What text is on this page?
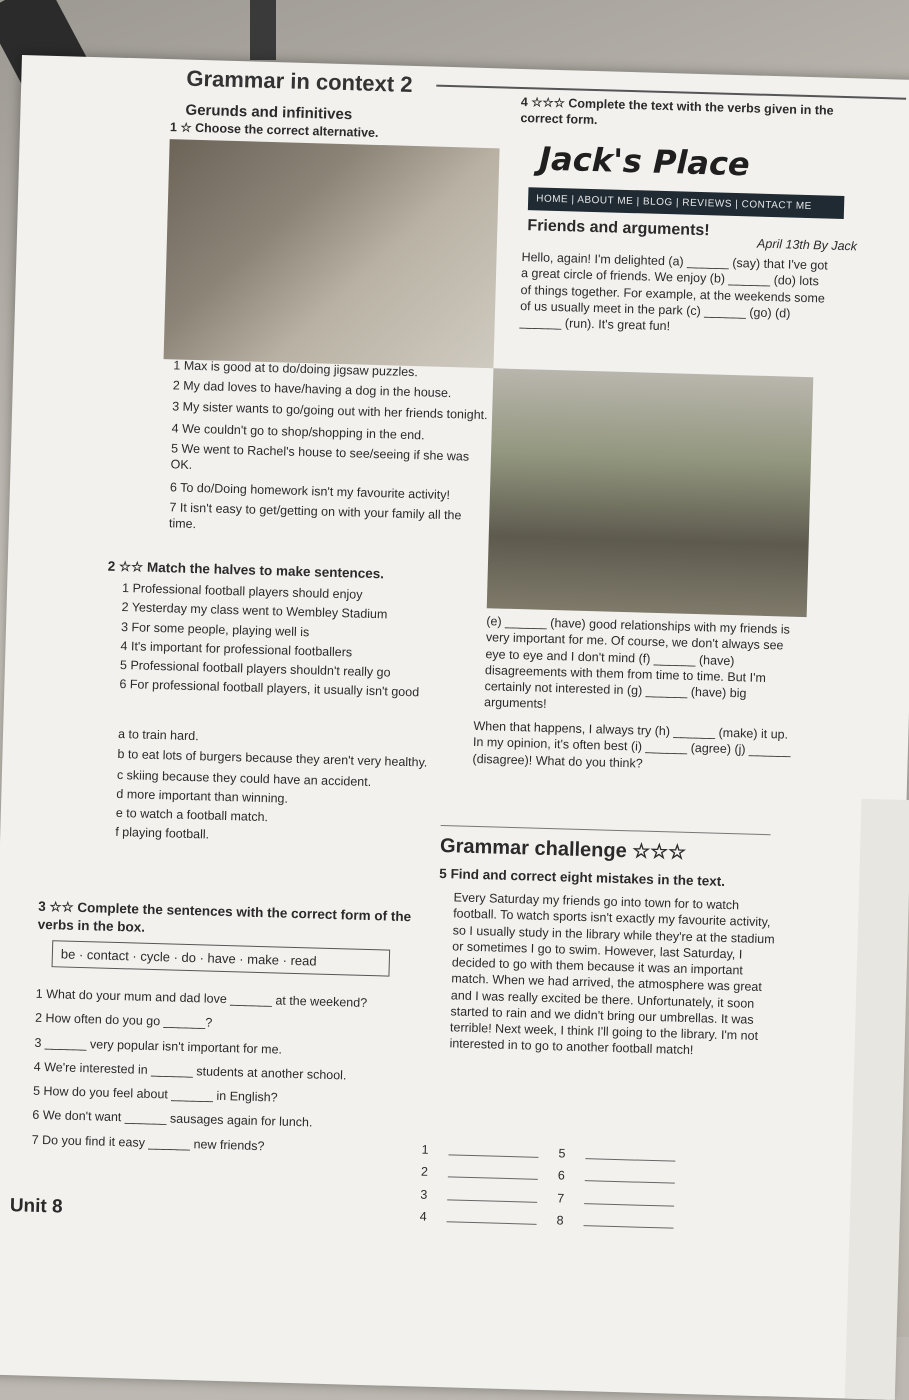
Grammar in context 2
Gerunds and infinitives
1 ☆ Choose the correct alternative.
1 Max is good at to do/doing jigsaw puzzles.
2 My dad loves to have/having a dog in the house.
3 My sister wants to go/going out with her friends tonight.
4 We couldn't go to shop/shopping in the end.
5 We went to Rachel's house to see/seeing if she was OK.
6 To do/Doing homework isn't my favourite activity!
7 It isn't easy to get/getting on with your family all the time.
2 ☆☆ Match the halves to make sentences.
1 Professional football players should enjoy
2 Yesterday my class went to Wembley Stadium
3 For some people, playing well is
4 It's important for professional footballers
5 Professional football players shouldn't really go
6 For professional football players, it usually isn't good
a to train hard.
b to eat lots of burgers because they aren't very healthy.
c skiing because they could have an accident.
d more important than winning.
e to watch a football match.
f playing football.
3 ☆☆ Complete the sentences with the correct form of the verbs in the box.
be · contact · cycle · do · have · make · read
1 What do your mum and dad love ______ at the weekend?
2 How often do you go ______?
3 ______ very popular isn't important for me.
4 We're interested in ______ students at another school.
5 How do you feel about ______ in English?
6 We don't want ______ sausages again for lunch.
7 Do you find it easy ______ new friends?
Unit 8
4 ☆☆☆ Complete the text with the verbs given in the correct form.
Jack's Place
HOME | ABOUT ME | BLOG | REVIEWS | CONTACT ME
Friends and arguments!
April 13th By Jack
Hello, again! I'm delighted (a) ______ (say) that I've got a great circle of friends. We enjoy (b) ______ (do) lots of things together. For example, at the weekends some of us usually meet in the park (c) ______ (go) (d) ______ (run). It's great fun!
(e) ______ (have) good relationships with my friends is very important for me. Of course, we don't always see eye to eye and I don't mind (f) ______ (have) disagreements with them from time to time. But I'm certainly not interested in (g) ______ (have) big arguments!
When that happens, I always try (h) ______ (make) it up. In my opinion, it's often best (i) ______ (agree) (j) ______ (disagree)! What do you think?
Grammar challenge ☆☆☆
5 Find and correct eight mistakes in the text.
Every Saturday my friends go into town for to watch football. To watch sports isn't exactly my favourite activity, so I usually study in the library while they're at the stadium or sometimes I go to swim. However, last Saturday, I decided to go with them because it was an important match. When we had arrived, the atmosphere was great and I was really excited be there. Unfortunately, it soon started to rain and we didn't bring our umbrellas. It was terrible! Next week, I think I'll going to the library. I'm not interested in to go to another football match!
1	5
2	6
3	7
4	8
